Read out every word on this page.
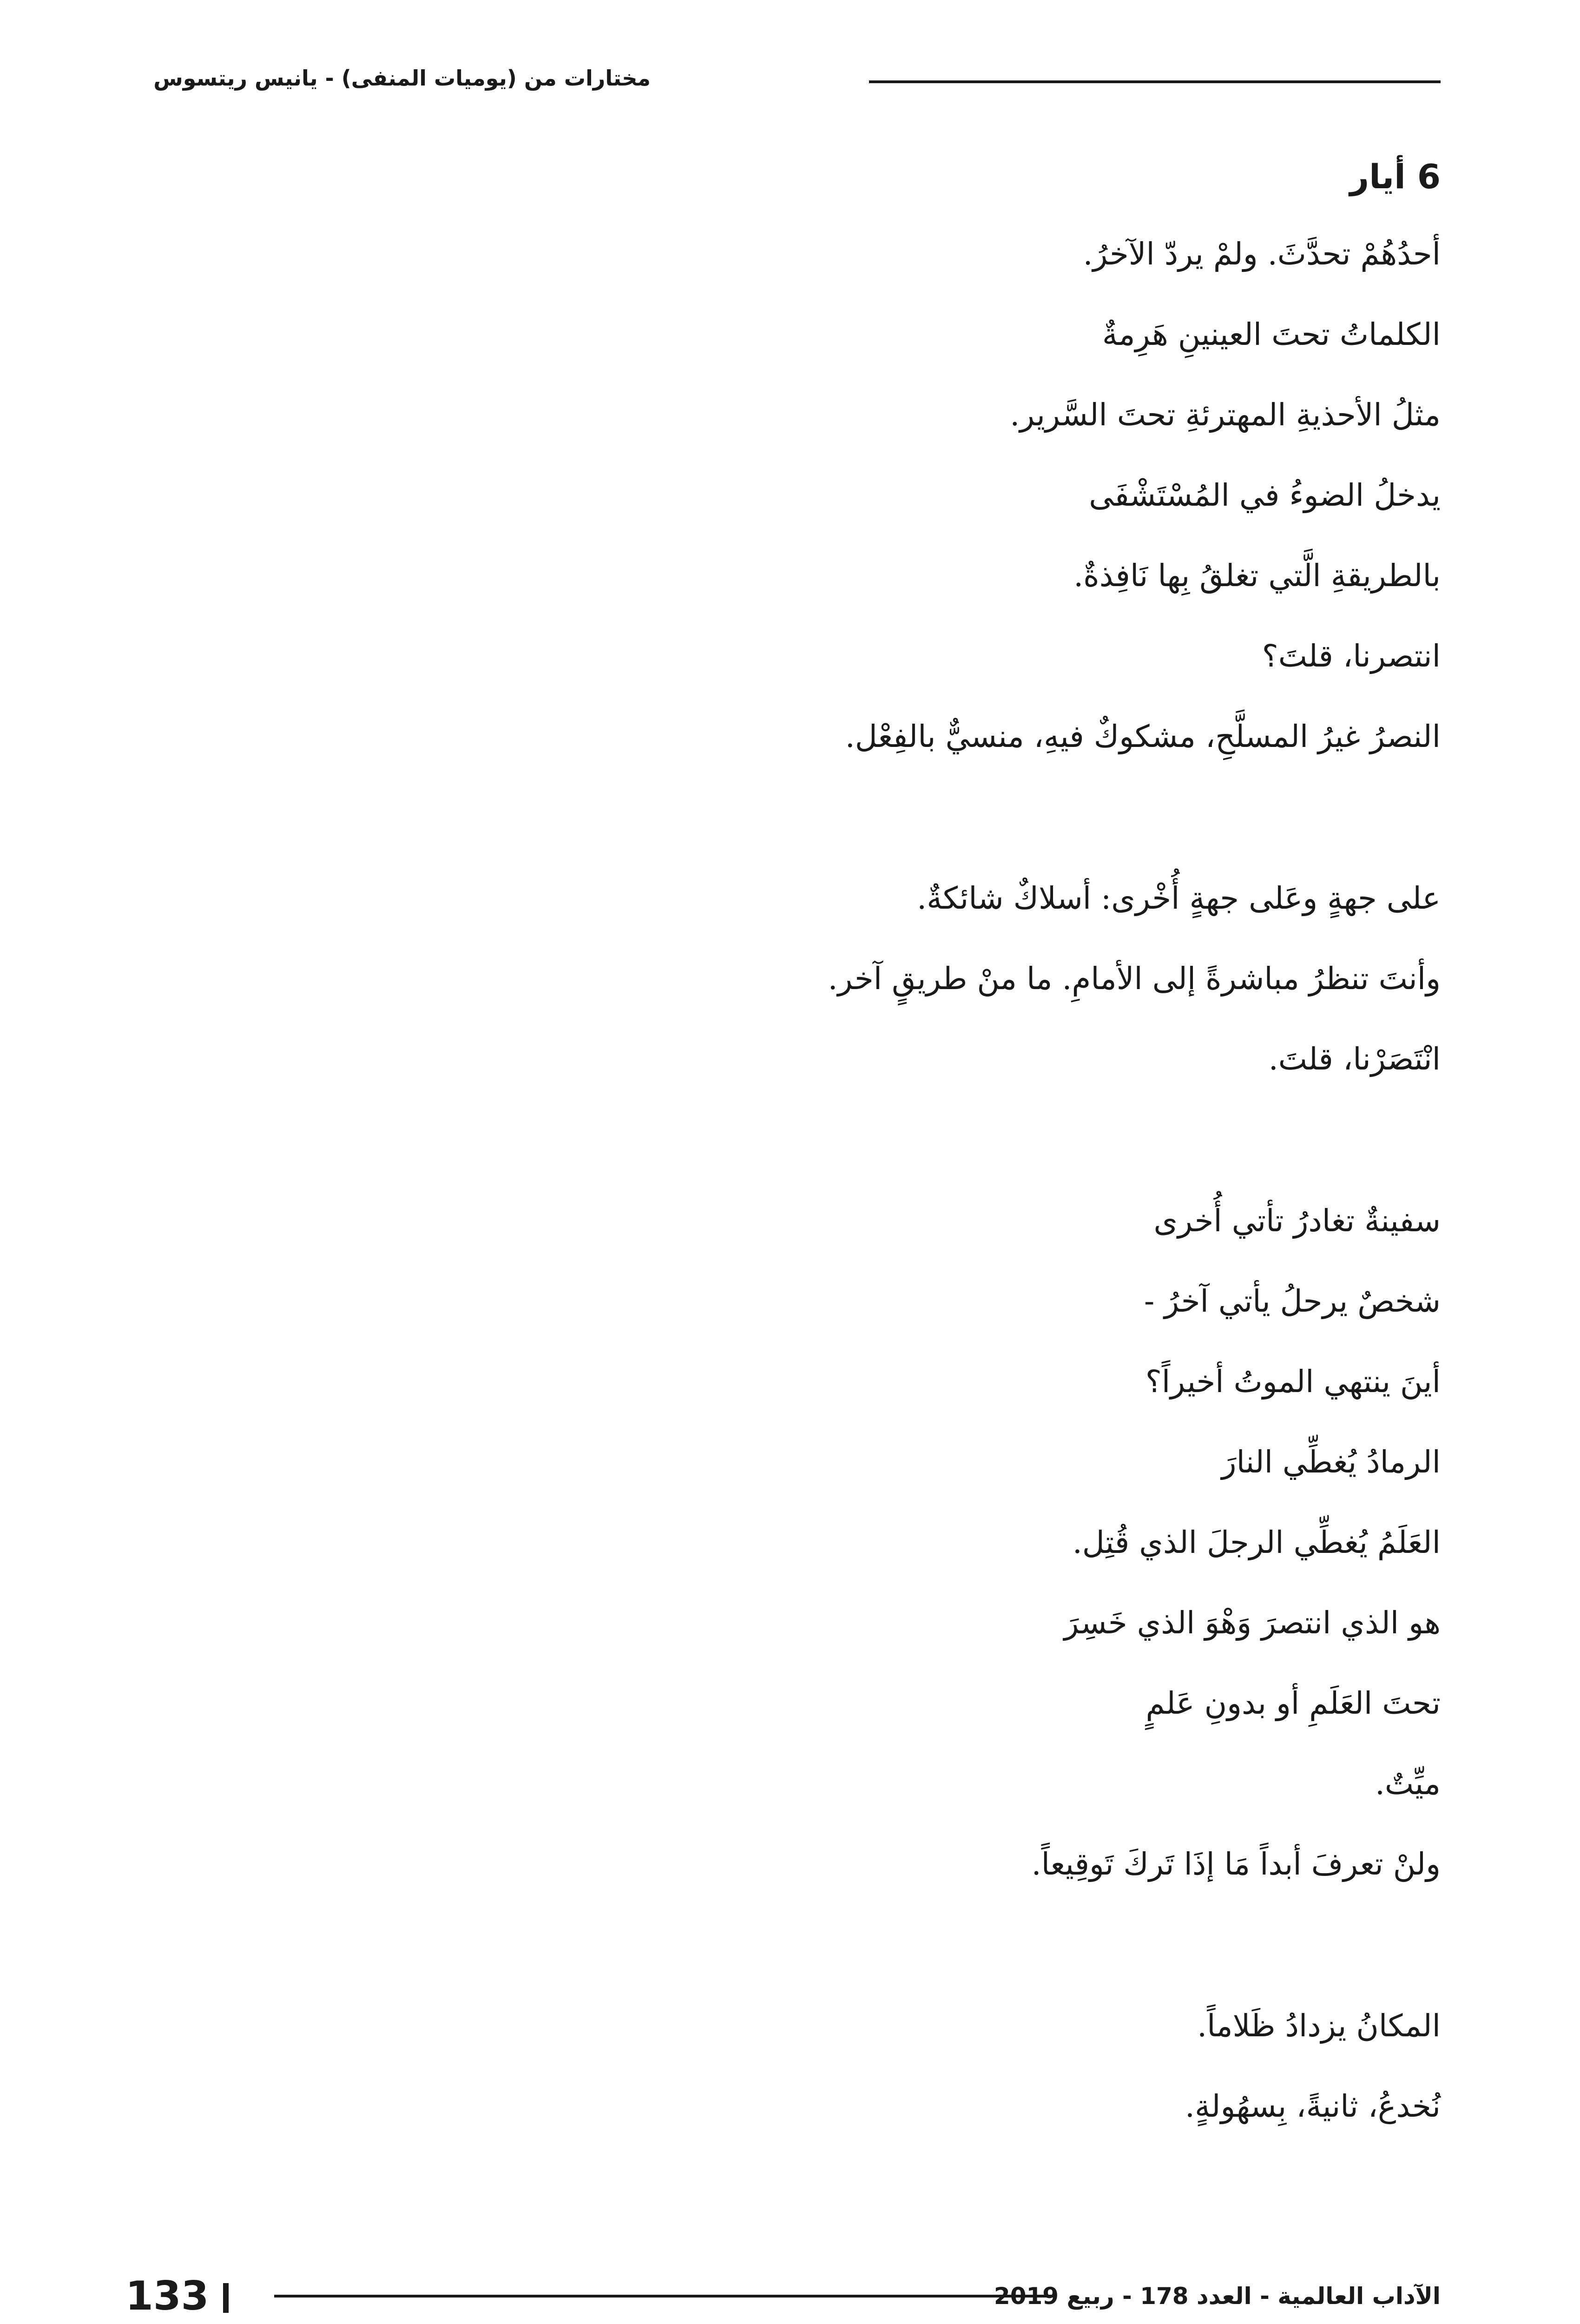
مختارات من (يوميات المنفى) - يانيس ريتسوس
6 أيار
أحدُهُمْ تحدَّثَ. ولمْ يردّ الآخرُ.
الكلماتُ تحتَ العينينِ هَرِمةٌ
مثلُ الأحذيةِ المهترئةِ تحتَ السَّرير.
يدخلُ الضوءُ في المُسْتَشْفَى
بالطريقةِ الَّتي تغلقُ بِها نَافِذةٌ.
انتصرنا، قلتَ؟
النصرُ غيرُ المسلَّحِ، مشكوكٌ فيهِ، منسيٌّ بالفِعْل.
على جهةٍ وعَلى جهةٍ أُخْرى: أسلاكٌ شائكةٌ.
وأنتَ تنظرُ مباشرةً إلى الأمامِ. ما منْ طريقٍ آخر.
انْتَصَرْنا، قلتَ.
سفينةٌ تغادرُ تأتي أُخرى
شخصٌ يرحلُ يأتي آخرُ -
أينَ ينتهي الموتُ أخيراً؟
الرمادُ يُغطِّي النارَ
العَلَمُ يُغطِّي الرجلَ الذي قُتِل.
هو الذي انتصرَ وَهْوَ الذي خَسِرَ
تحتَ العَلَمِ أو بدونِ عَلمٍ
ميِّتٌ.
ولنْ تعرفَ أبداً مَا إذَا تَركَ تَوقِيعاً.
المكانُ يزدادُ ظَلاماً.
نُخدعُ، ثانيةً، بِسهُولةٍ.
133	الآداب العالمية - العدد 178 - ربيع 2019
